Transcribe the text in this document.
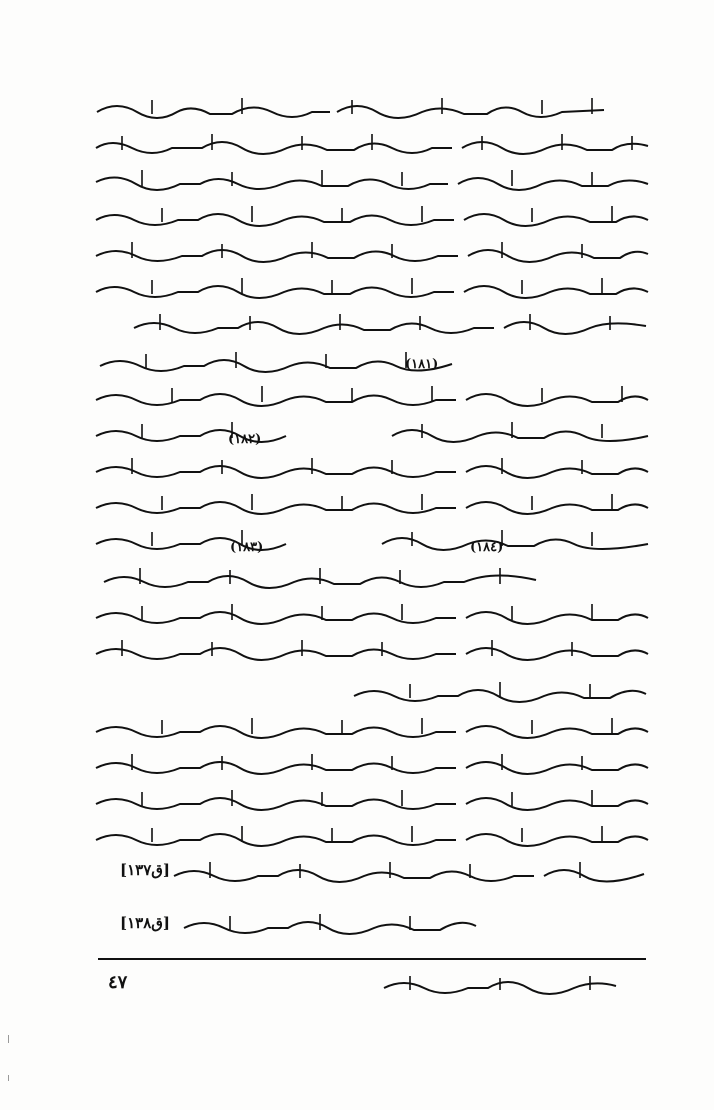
(١٨١)
(١٨٢)
(١٨٣)	(١٨٤)
[ق١٣٧]
[ق١٣٨]
٤٧
